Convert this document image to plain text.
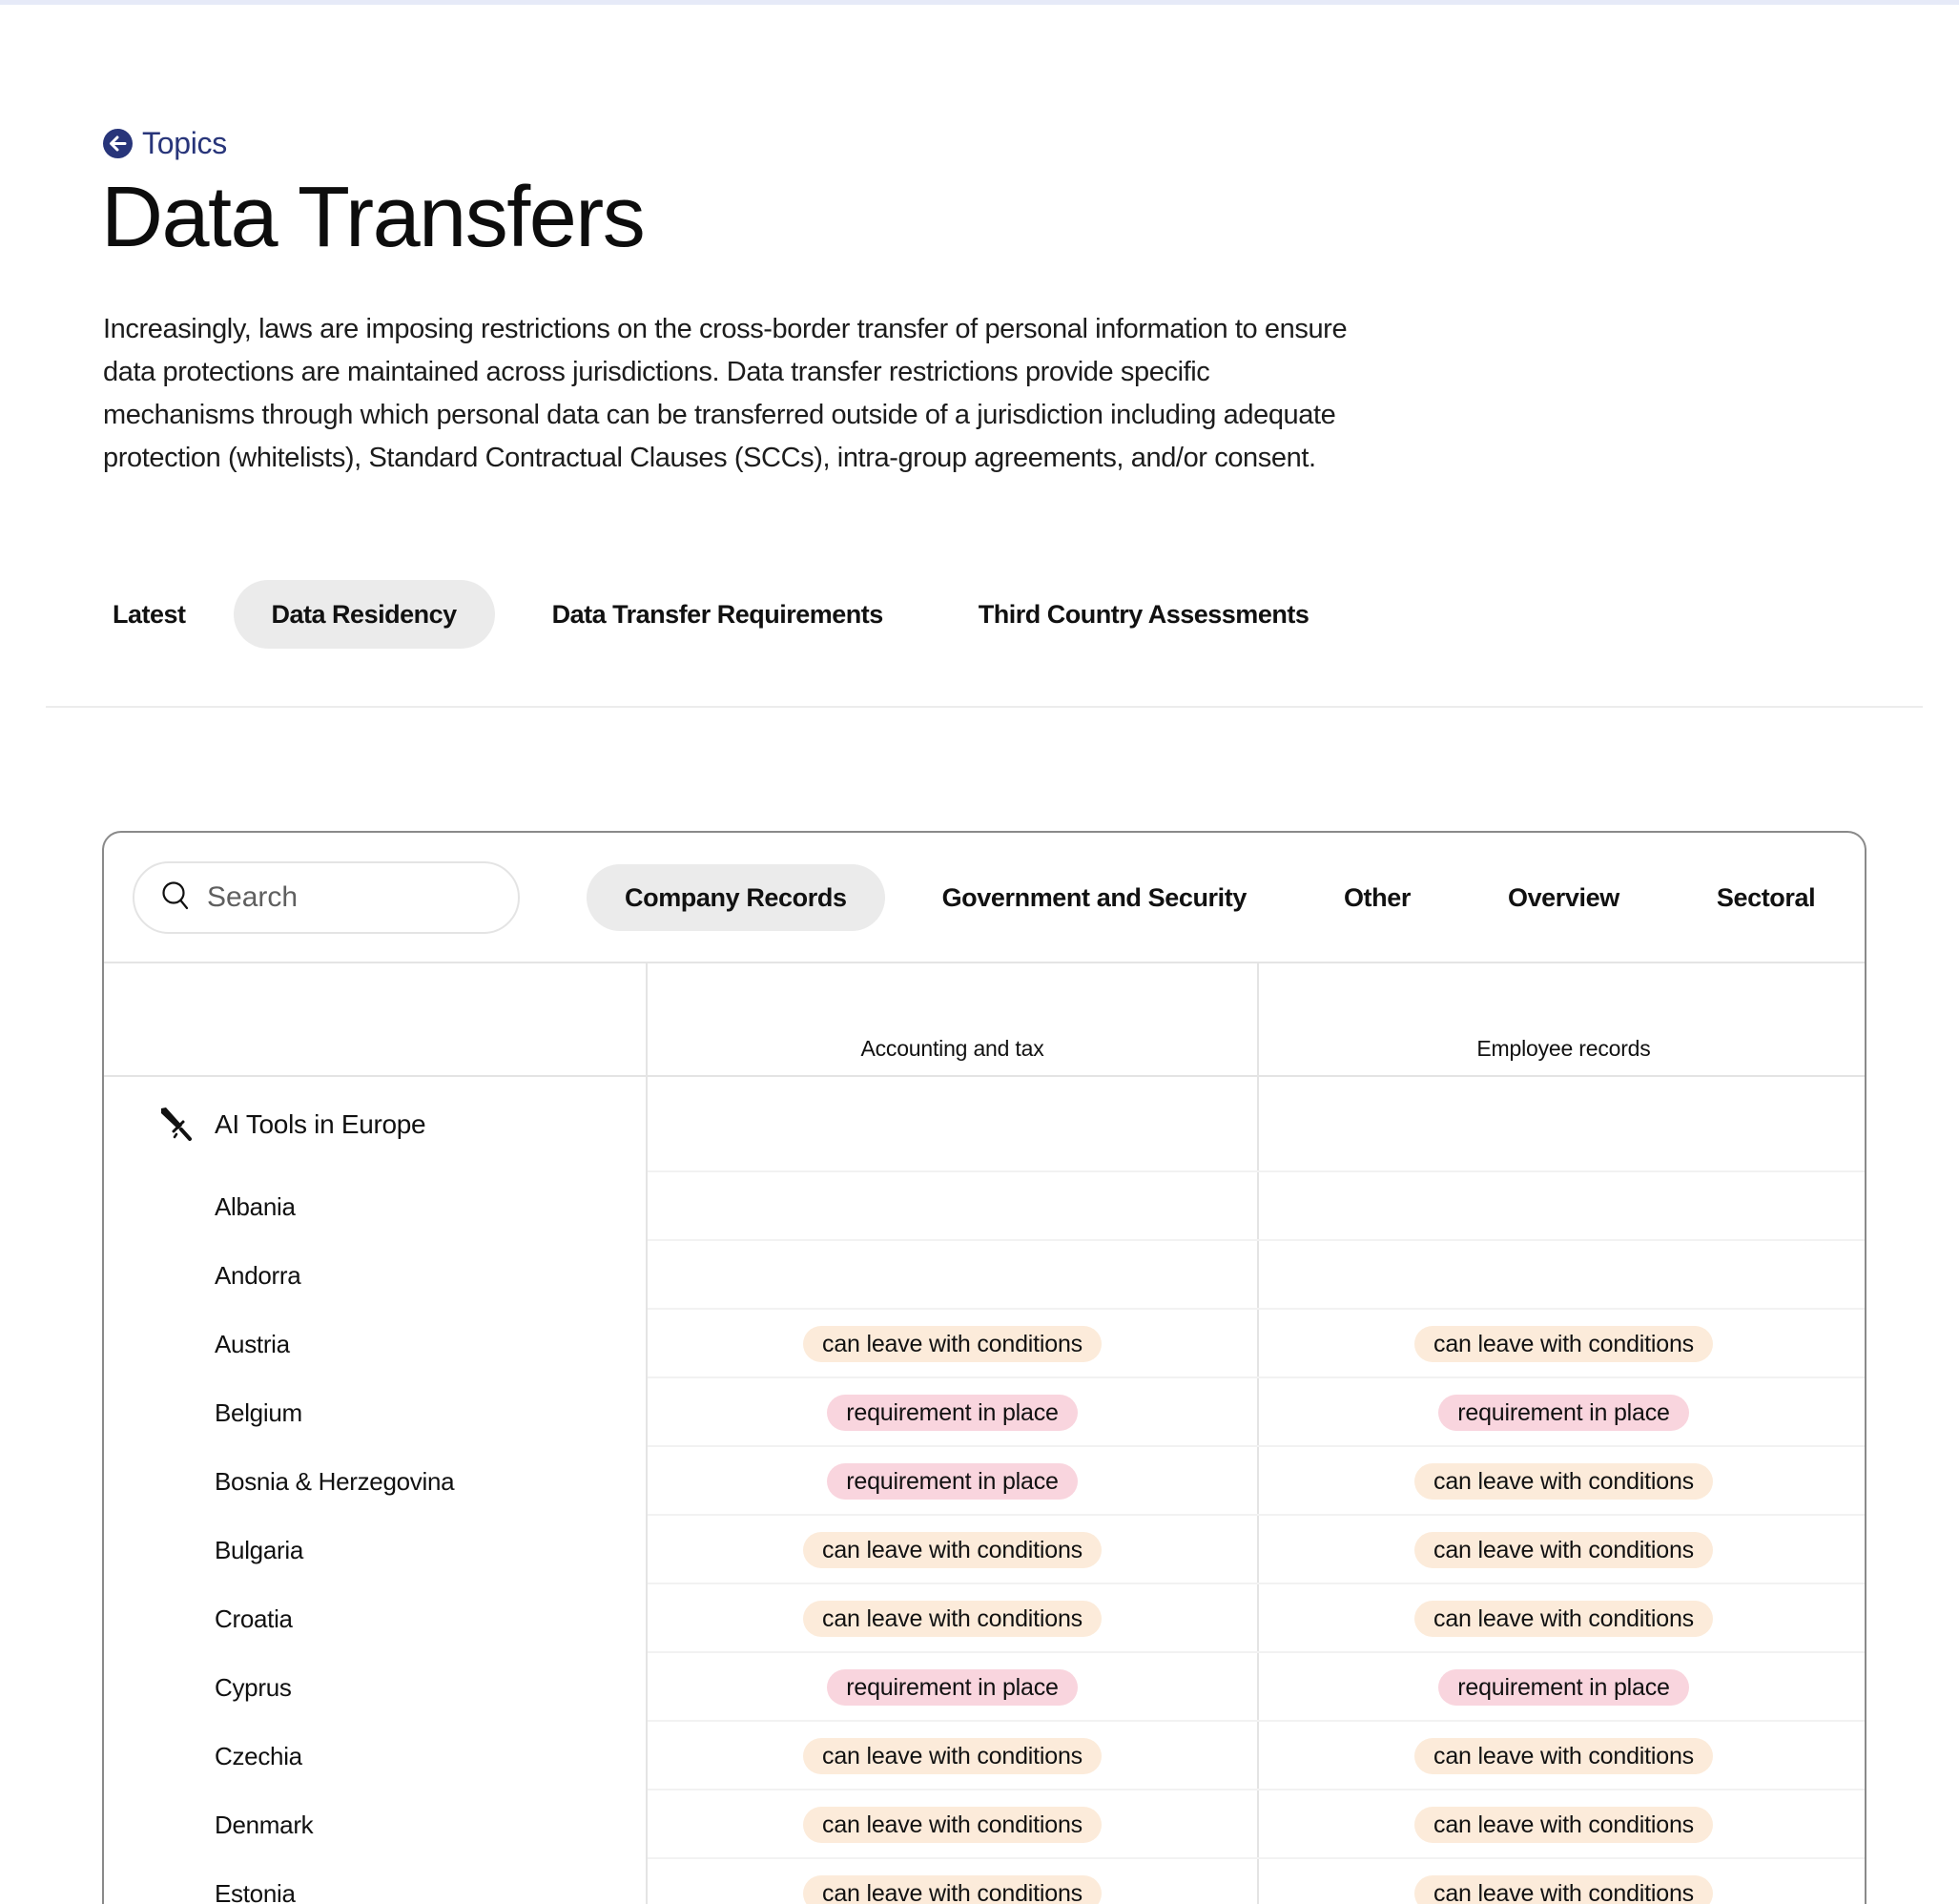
Topics
Data Transfers

Increasingly, laws are imposing restrictions on the cross-border transfer of personal information to ensure data protections are maintained across jurisdictions. Data transfer restrictions provide specific mechanisms through which personal data can be transferred outside of a jurisdiction including adequate protection (whitelists), Standard Contractual Clauses (SCCs), intra-group agreements, and/or consent.

Latest	Data Residency	Data Transfer Requirements	Third Country Assessments
Search
Company Records	Government and Security	Other	Overview	Sectoral
Accounting and tax	Employee records
AI Tools in Europe
Albania
Andorra
Austria	can leave with conditions	can leave with conditions
Belgium	requirement in place	requirement in place
Bosnia & Herzegovina	requirement in place	can leave with conditions
Bulgaria	can leave with conditions	can leave with conditions
Croatia	can leave with conditions	can leave with conditions
Cyprus	requirement in place	requirement in place
Czechia	can leave with conditions	can leave with conditions
Denmark	can leave with conditions	can leave with conditions
Estonia	can leave with conditions	can leave with conditions
